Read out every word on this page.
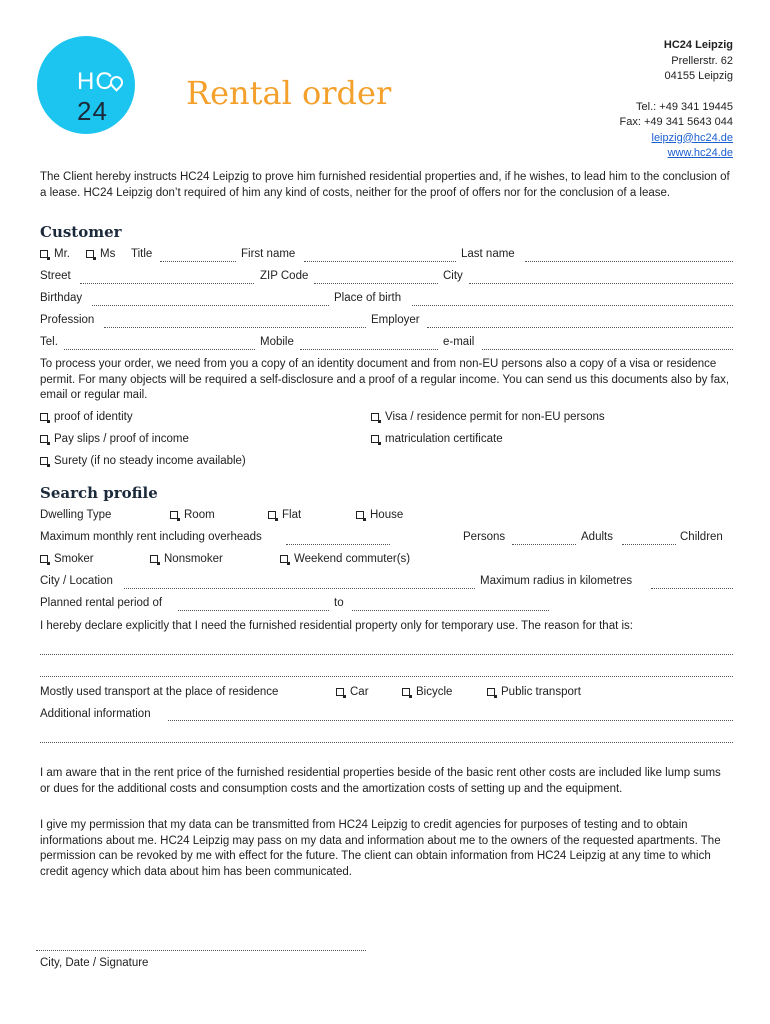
HC
24 Rental order
HC24 Leipzig
Prellerstr. 62
04155 Leipzig
Tel.: +49 341 19445
Fax: +49 341 5643 044
leipzig@hc24.de
www.hc24.de
The Client hereby instructs HC24 Leipzig to prove him furnished residential properties and, if he wishes, to lead him to the conclusion of a lease. HC24 Leipzig don’t required of him any kind of costs, neither for the proof of offers nor for the conclusion of a lease.
Customer
Mr.	Ms Title	First name	Last name
Street	ZIP Code	City
Birthday	Place of birth
Profession	Employer
Tel.	Mobile	e-mail
To process your order, we need from you a copy of an identity document and from non-EU persons also a copy of a visa or residence permit. For many objects will be required a self-disclosure and a proof of a regular income. You can send us this documents also by fax, email or regular mail.
proof of identity	Visa / residence permit for non-EU persons
Pay slips / proof of income	matriculation certificate
Surety (if no steady income available)
Search profile
Dwelling Type	Room	Flat	House
Maximum monthly rent including overheads	Persons	Adults	Children
Smoker	Nonsmoker	Weekend commuter(s)
City / Location	Maximum radius in kilometres
Planned rental period of	to
I hereby declare explicitly that I need the furnished residential property only for temporary use. The reason for that is:
Mostly used transport at the place of residence	Car	Bicycle	Public transport
Additional information
I am aware that in the rent price of the furnished residential properties beside of the basic rent other costs are included like lump sums or dues for the additional costs and consumption costs and the amortization costs of setting up and the equipment.
I give my permission that my data can be transmitted from HC24 Leipzig to credit agencies for purposes of testing and to obtain informations about me. HC24 Leipzig may pass on my data and information about me to the owners of the requested apartments. The permission can be revoked by me with effect for the future. The client can obtain information from HC24 Leipzig at any time to which credit agency which data about him has been communicated.
City, Date / Signature
